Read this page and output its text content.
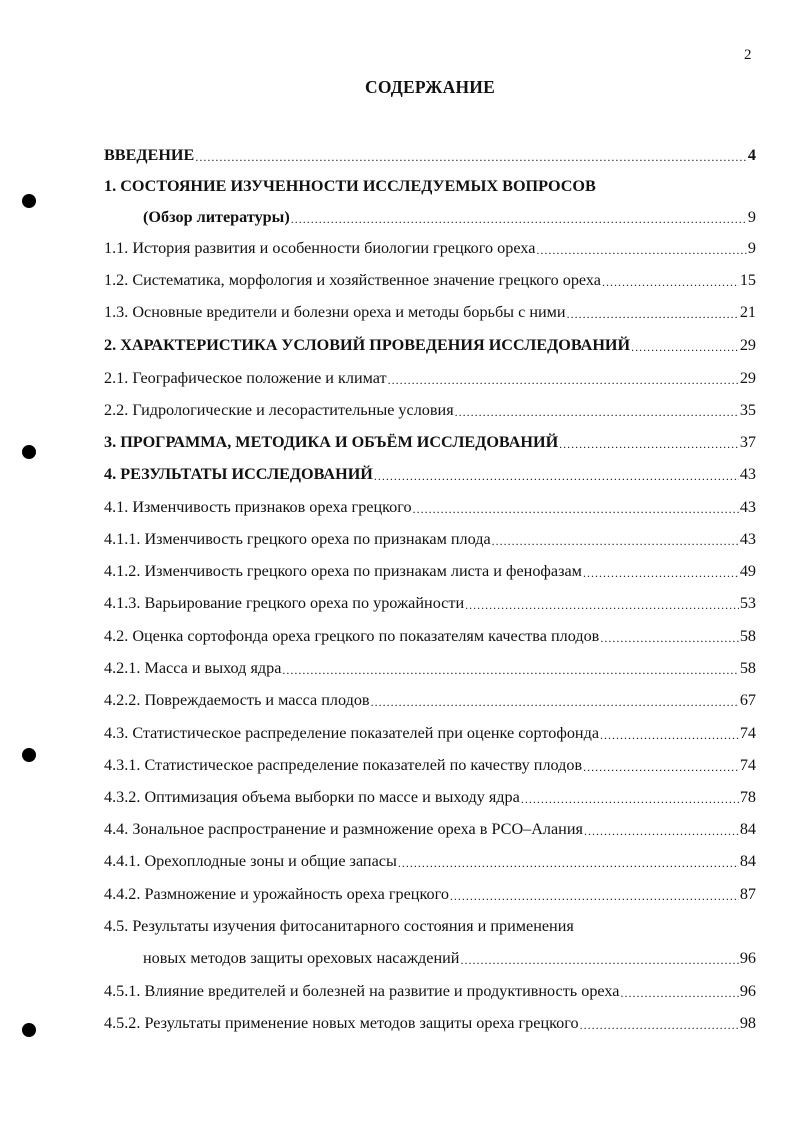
2
СОДЕРЖАНИЕ
ВВЕДЕНИЕ .....	4
1. СОСТОЯНИЕ ИЗУЧЕННОСТИ ИССЛЕДУЕМЫХ ВОПРОСОВ
(Обзор литературы) .....	9
1.1. История развития и особенности биологии грецкого ореха .....	9
1.2. Систематика, морфология и хозяйственное значение грецкого ореха .....	15
1.3. Основные вредители и болезни ореха и методы борьбы с ними .....	21
2. ХАРАКТЕРИСТИКА УСЛОВИЙ ПРОВЕДЕНИЯ ИССЛЕДОВАНИЙ .....	29
2.1. Географическое положение и климат .....	29
2.2. Гидрологические и лесорастительные условия .....	35
3. ПРОГРАММА, МЕТОДИКА И ОБЪЁМ ИССЛЕДОВАНИЙ .....	37
4. РЕЗУЛЬТАТЫ ИССЛЕДОВАНИЙ .....	43
4.1. Изменчивость признаков ореха грецкого .....	43
4.1.1. Изменчивость грецкого ореха по признакам плода .....	43
4.1.2. Изменчивость грецкого ореха по признакам листа и фенофазам .....	49
4.1.3. Варьирование грецкого ореха по урожайности .....	53
4.2. Оценка сортофонда ореха грецкого по показателям качества плодов .....	58
4.2.1. Масса и выход ядра .....	58
4.2.2. Повреждаемость и масса плодов .....	67
4.3. Статистическое распределение показателей при оценке сортофонда .....	74
4.3.1. Статистическое распределение показателей по качеству плодов .....	74
4.3.2. Оптимизация объема выборки по массе и выходу ядра .....	78
4.4. Зональное распространение и размножение ореха в РСО–Алания .....	84
4.4.1. Орехоплодные зоны и общие запасы .....	84
4.4.2. Размножение и урожайность ореха грецкого .....	87
4.5. Результаты изучения фитосанитарного состояния и применения
новых методов защиты ореховых насаждений .....	96
4.5.1. Влияние вредителей и болезней на развитие и продуктивность ореха .....	96
4.5.2. Результаты применение новых методов защиты ореха грецкого .....	98
